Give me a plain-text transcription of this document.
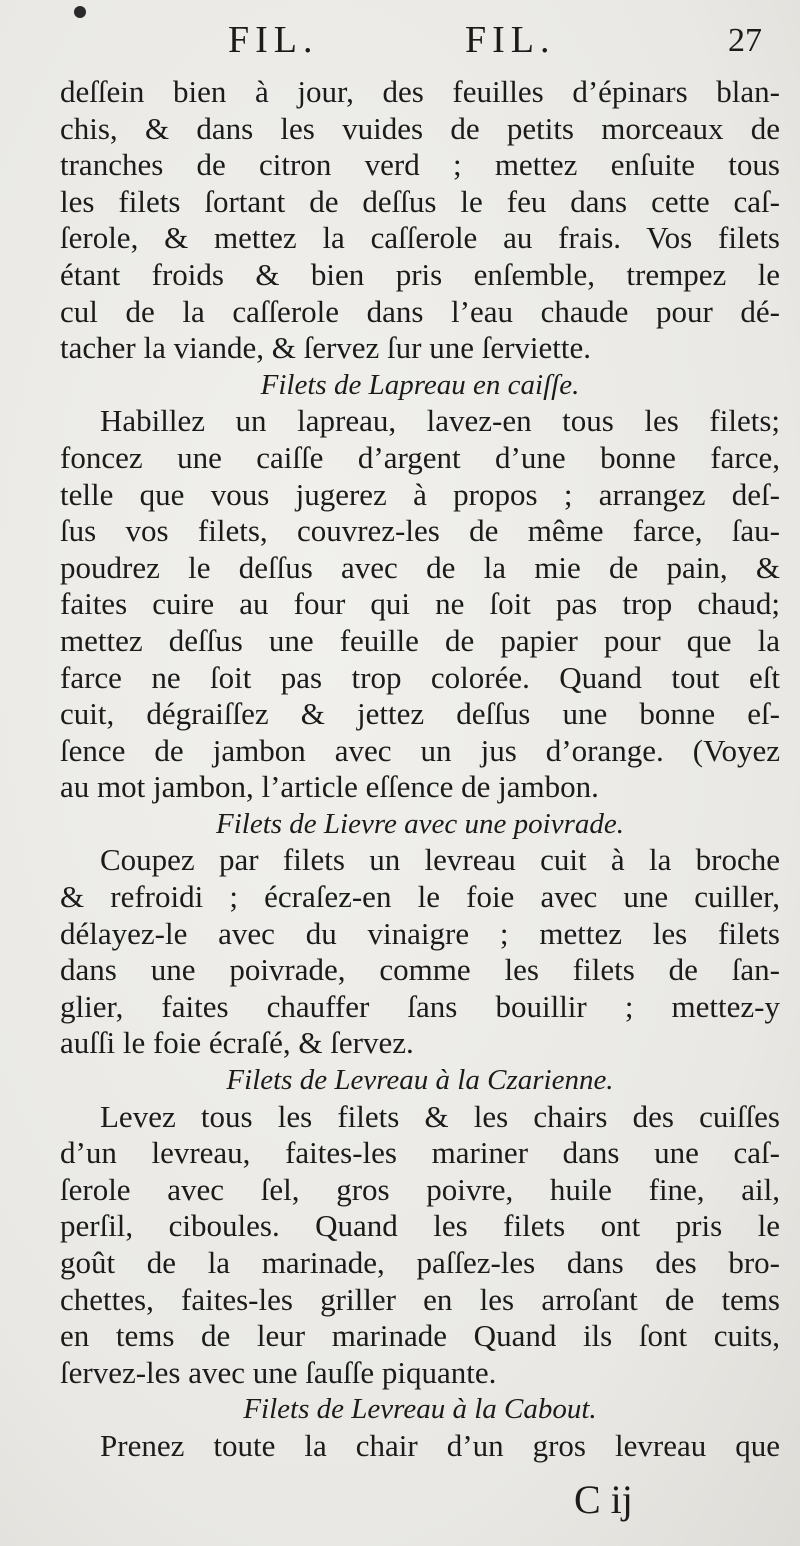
FIL.	FIL.	27
deſſein bien à jour, des feuilles d’épinars blan-
chis, & dans les vuides de petits morceaux de
tranches de citron verd ; mettez enſuite tous
les filets ſortant de deſſus le feu dans cette caſ-
ſerole, & mettez la caſſerole au frais. Vos filets
étant froids & bien pris enſemble, trempez le
cul de la caſſerole dans l’eau chaude pour dé-
tacher la viande, & ſervez ſur une ſerviette.
Filets de Lapreau en caiſſe.
Habillez un lapreau, lavez-en tous les filets;
foncez une caiſſe d’argent d’une bonne farce,
telle que vous jugerez à propos ; arrangez deſ-
ſus vos filets, couvrez-les de même farce, ſau-
poudrez le deſſus avec de la mie de pain, &
faites cuire au four qui ne ſoit pas trop chaud;
mettez deſſus une feuille de papier pour que la
farce ne ſoit pas trop colorée. Quand tout eſt
cuit, dégraiſſez & jettez deſſus une bonne eſ-
ſence de jambon avec un jus d’orange. (Voyez
au mot jambon, l’article eſſence de jambon.
Filets de Lievre avec une poivrade.
Coupez par filets un levreau cuit à la broche
& refroidi ; écraſez-en le foie avec une cuiller,
délayez-le avec du vinaigre ; mettez les filets
dans une poivrade, comme les filets de ſan-
glier, faites chauffer ſans bouillir ; mettez-y
auſſi le foie écraſé, & ſervez.
Filets de Levreau à la Czarienne.
Levez tous les filets & les chairs des cuiſſes
d’un levreau, faites-les mariner dans une caſ-
ſerole avec ſel, gros poivre, huile fine, ail,
perſil, ciboules. Quand les filets ont pris le
goût de la marinade, paſſez-les dans des bro-
chettes, faites-les griller en les arroſant de tems
en tems de leur marinade Quand ils ſont cuits,
ſervez-les avec une ſauſſe piquante.
Filets de Levreau à la Cabout.
Prenez toute la chair d’un gros levreau que
C ij
